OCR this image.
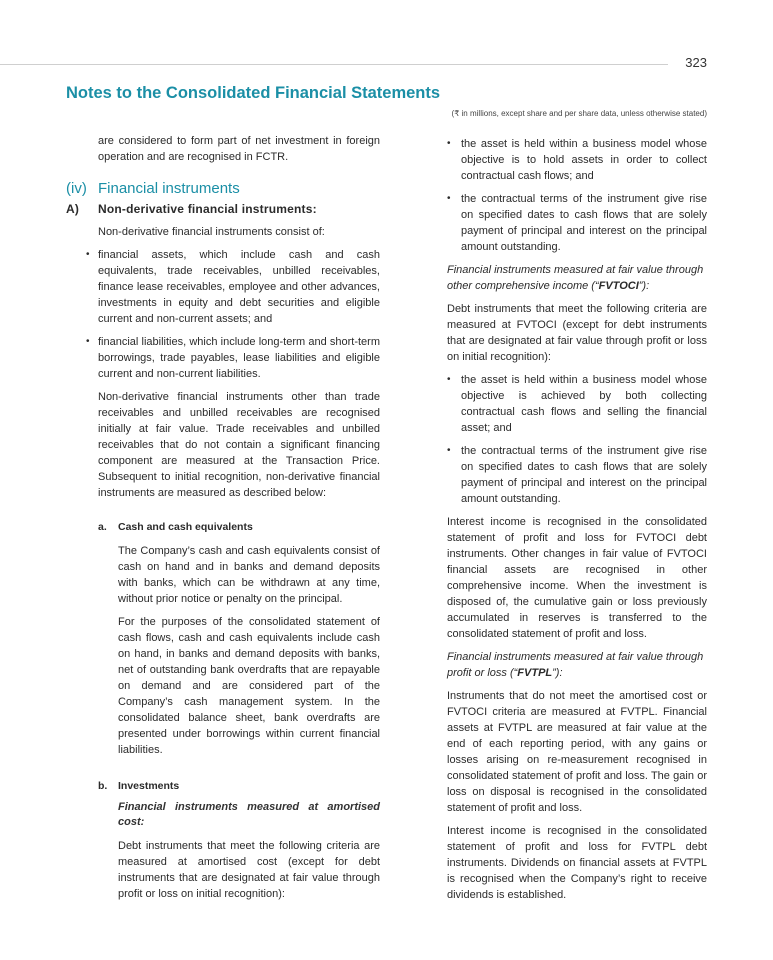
323
Notes to the Consolidated Financial Statements
(₹ in millions, except share and per share data, unless otherwise stated)

are considered to form part of net investment in foreign operation and are recognised in FCTR.

(iv) Financial instruments
A) Non-derivative financial instruments:

Non-derivative financial instruments consist of:

• financial assets, which include cash and cash equivalents, trade receivables, unbilled receivables, finance lease receivables, employee and other advances, investments in equity and debt securities and eligible current and non-current assets; and
• financial liabilities, which include long-term and short-term borrowings, trade payables, lease liabilities and eligible current and non-current liabilities.

Non-derivative financial instruments other than trade receivables and unbilled receivables are recognised initially at fair value. Trade receivables and unbilled receivables that do not contain a significant financing component are measured at the Transaction Price. Subsequent to initial recognition, non-derivative financial instruments are measured as described below:

a. Cash and cash equivalents

The Company’s cash and cash equivalents consist of cash on hand and in banks and demand deposits with banks, which can be withdrawn at any time, without prior notice or penalty on the principal.

For the purposes of the consolidated statement of cash flows, cash and cash equivalents include cash on hand, in banks and demand deposits with banks, net of outstanding bank overdrafts that are repayable on demand and are considered part of the Company’s cash management system. In the consolidated balance sheet, bank overdrafts are presented under borrowings within current financial liabilities.

b. Investments
Financial instruments measured at amortised cost:

Debt instruments that meet the following criteria are measured at amortised cost (except for debt instruments that are designated at fair value through profit or loss on initial recognition):

• the asset is held within a business model whose objective is to hold assets in order to collect contractual cash flows; and
• the contractual terms of the instrument give rise on specified dates to cash flows that are solely payment of principal and interest on the principal amount outstanding.

Financial instruments measured at fair value through other comprehensive income (“FVTOCI”):

Debt instruments that meet the following criteria are measured at FVTOCI (except for debt instruments that are designated at fair value through profit or loss on initial recognition):

• the asset is held within a business model whose objective is achieved by both collecting contractual cash flows and selling the financial asset; and
• the contractual terms of the instrument give rise on specified dates to cash flows that are solely payment of principal and interest on the principal amount outstanding.

Interest income is recognised in the consolidated statement of profit and loss for FVTOCI debt instruments. Other changes in fair value of FVTOCI financial assets are recognised in other comprehensive income. When the investment is disposed of, the cumulative gain or loss previously accumulated in reserves is transferred to the consolidated statement of profit and loss.

Financial instruments measured at fair value through profit or loss (“FVTPL”):

Instruments that do not meet the amortised cost or FVTOCI criteria are measured at FVTPL. Financial assets at FVTPL are measured at fair value at the end of each reporting period, with any gains or losses arising on re-measurement recognised in consolidated statement of profit and loss. The gain or loss on disposal is recognised in the consolidated statement of profit and loss.

Interest income is recognised in the consolidated statement of profit and loss for FVTPL debt instruments. Dividends on financial assets at FVTPL is recognised when the Company’s right to receive dividends is established.
